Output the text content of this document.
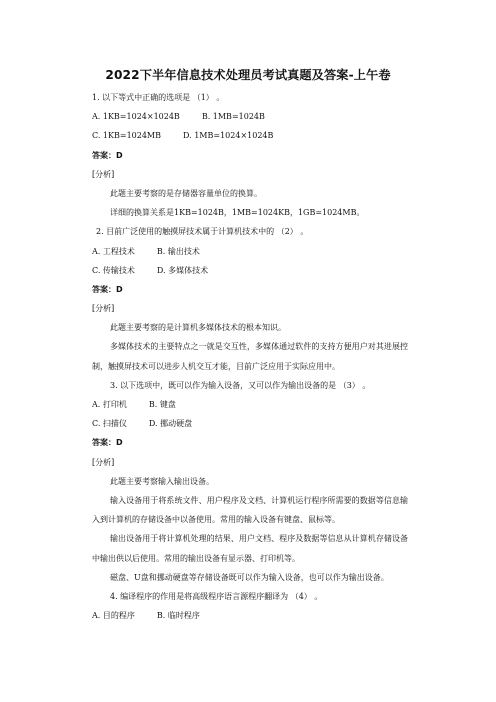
2022下半年信息技术处理员考试真题及答案-上午卷
1. 以下等式中正确的选项是 （1） 。
A. 1KB=1024×1024B	B. 1MB=1024B
C. 1KB=1024MB	D. 1MB=1024×1024B
答案：D
[分析]
此题主要考察的是存储器容量单位的换算。
详细的换算关系是1KB=1024B，1MB=1024KB，1GB=1024MB。
2. 目前广泛使用的触摸屏技术属于计算机技术中的 （2） 。
A. 工程技术	B. 输出技术
C. 传输技术	D. 多媒体技术
答案：D
[分析]
此题主要考察的是计算机多媒体技术的根本知识。
多媒体技术的主要特点之一就是交互性，多媒体通过软件的支持方便用户对其进展控制，触摸屏技术可以进步人机交互才能，目前广泛应用于实际应用中。
3. 以下选项中，既可以作为输入设备，又可以作为输出设备的是 （3） 。
A. 打印机	B. 键盘
C. 扫描仪	D. 挪动硬盘
答案：D
[分析]
此题主要考察输入输出设备。
输入设备用于将系统文件、用户程序及文档、计算机运行程序所需要的数据等信息输入到计算机的存储设备中以备使用。常用的输入设备有键盘、鼠标等。
输出设备用于将计算机处理的结果、用户文档、程序及数据等信息从计算机存储设备中输出供以后使用。常用的输出设备有显示器、打印机等。
磁盘、U盘和挪动硬盘等存储设备既可以作为输入设备，也可以作为输出设备。
4. 编译程序的作用是将高级程序语言源程序翻译为 （4） 。
A. 目的程序	B. 临时程序
